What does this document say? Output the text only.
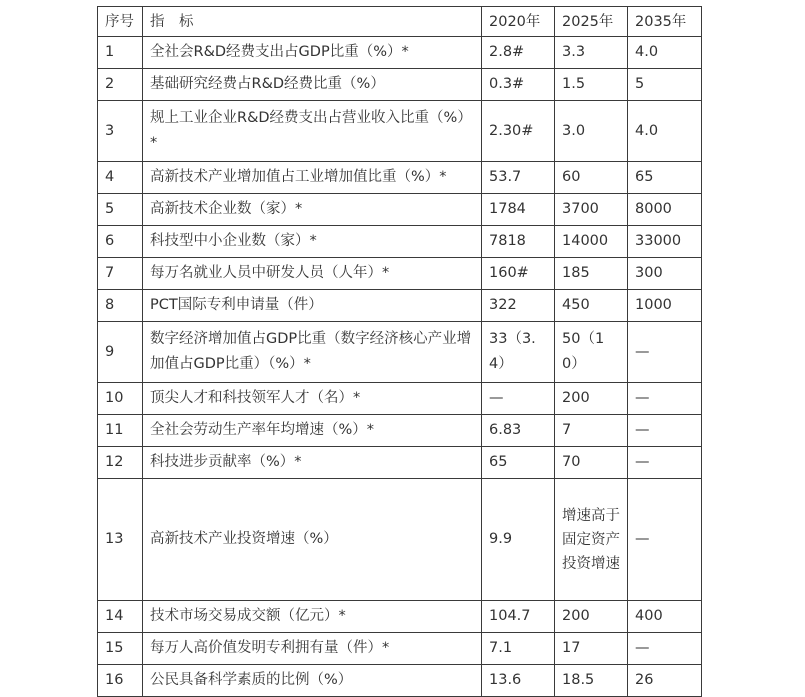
序号	指　标	2020年	2025年	2035年
1	全社会R&D经费支出占GDP比重（%）*	2.8#	3.3	4.0
2	基础研究经费占R&D经费比重（%）	0.3#	1.5	5
3	规上工业企业R&D经费支出占营业收入比重（%）*	2.30#	3.0	4.0
4	高新技术产业增加值占工业增加值比重（%）*	53.7	60	65
5	高新技术企业数（家）*	1784	3700	8000
6	科技型中小企业数（家）*	7818	14000	33000
7	每万名就业人员中研发人员（人年）*	160#	185	300
8	PCT国际专利申请量（件）	322	450	1000
9	数字经济增加值占GDP比重（数字经济核心产业增加值占GDP比重）（%）*	33（3.4）	50（10）	—
10	顶尖人才和科技领军人才（名）*	—	200	—
11	全社会劳动生产率年均增速（%）*	6.83	7	—
12	科技进步贡献率（%）*	65	70	—
13	高新技术产业投资增速（%）	9.9	增速高于固定资产投资增速	—
14	技术市场交易成交额（亿元）*	104.7	200	400
15	每万人高价值发明专利拥有量（件）*	7.1	17	—
16	公民具备科学素质的比例（%）	13.6	18.5	26
